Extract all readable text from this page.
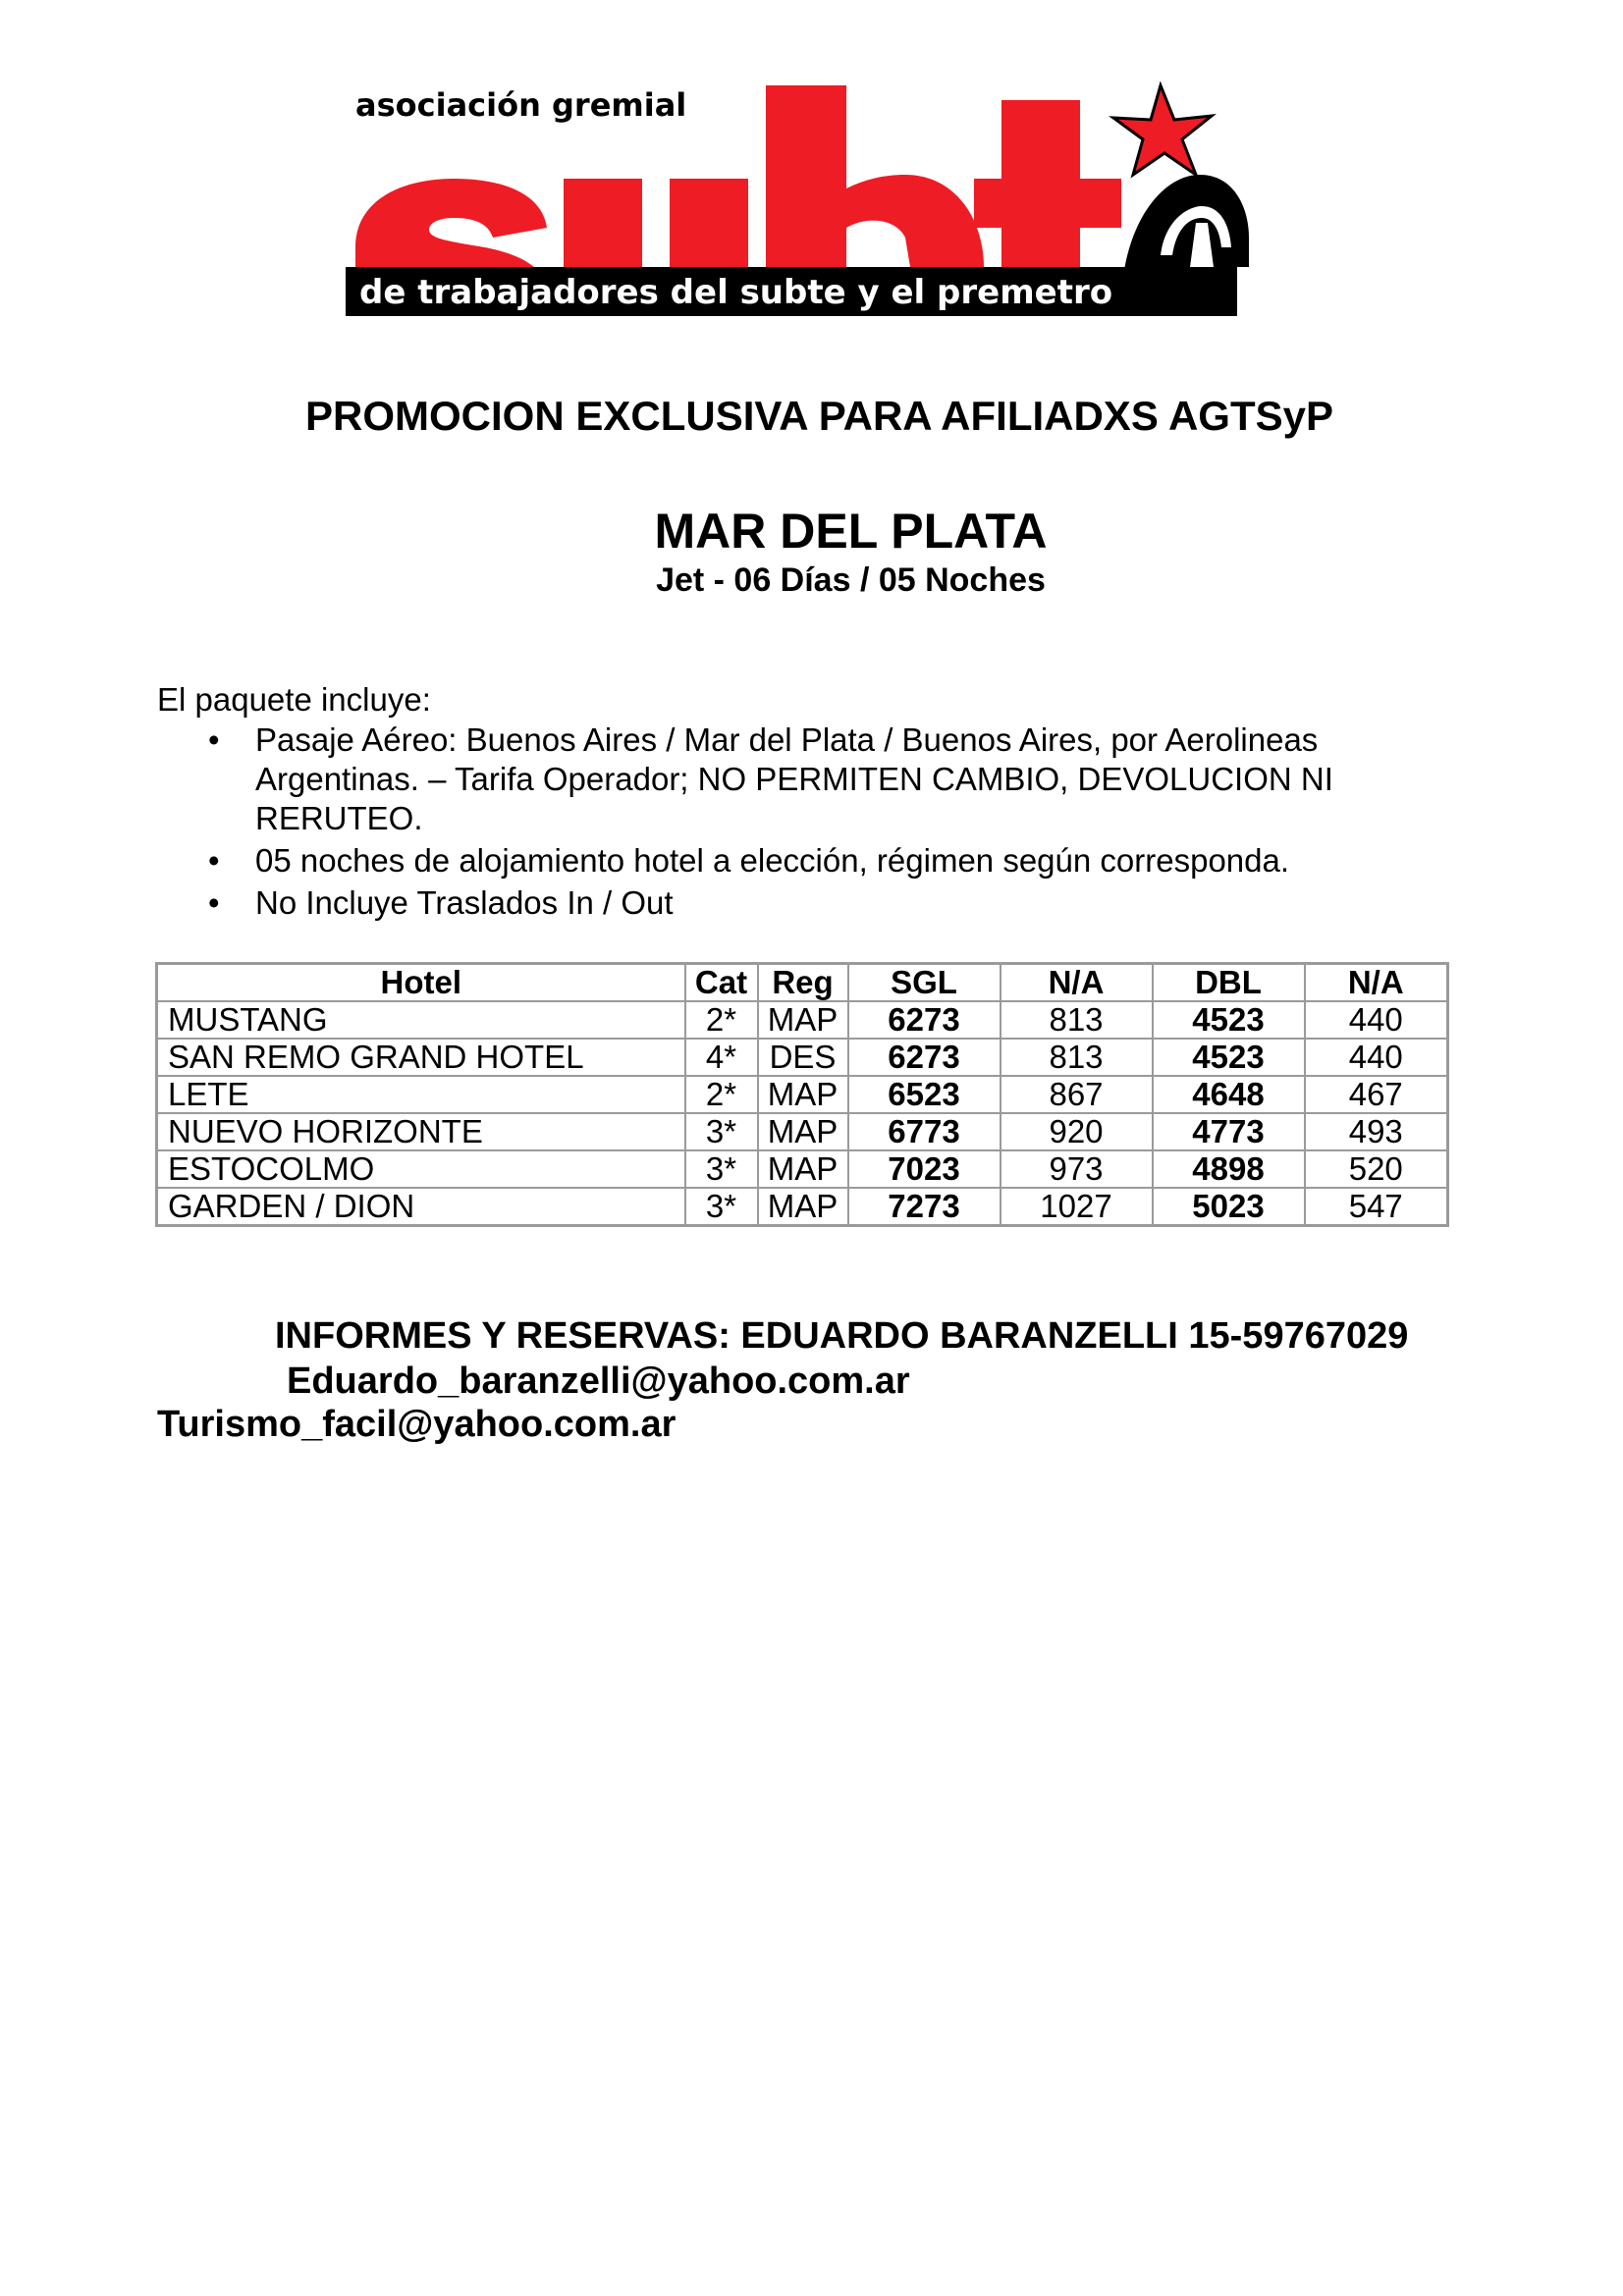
asociación gremial
de trabajadores del subte y el premetro
PROMOCION EXCLUSIVA PARA AFILIADXS AGTSyP
MAR DEL PLATA
Jet - 06 Días / 05 Noches
El paquete incluye:
• Pasaje Aéreo: Buenos Aires / Mar del Plata / Buenos Aires, por Aerolineas Argentinas. – Tarifa Operador; NO PERMITEN CAMBIO, DEVOLUCION NI RERUTEO.
• 05 noches de alojamiento hotel a elección, régimen según corresponda.
• No Incluye Traslados In / Out
Hotel	Cat	Reg	SGL	N/A	DBL	N/A
MUSTANG	2*	MAP	6273	813	4523	440
SAN REMO GRAND HOTEL	4*	DES	6273	813	4523	440
LETE	2*	MAP	6523	867	4648	467
NUEVO HORIZONTE	3*	MAP	6773	920	4773	493
ESTOCOLMO	3*	MAP	7023	973	4898	520
GARDEN / DION	3*	MAP	7273	1027	5023	547
INFORMES Y RESERVAS: EDUARDO BARANZELLI 15-59767029
Eduardo_baranzelli@yahoo.com.ar
Turismo_facil@yahoo.com.ar
